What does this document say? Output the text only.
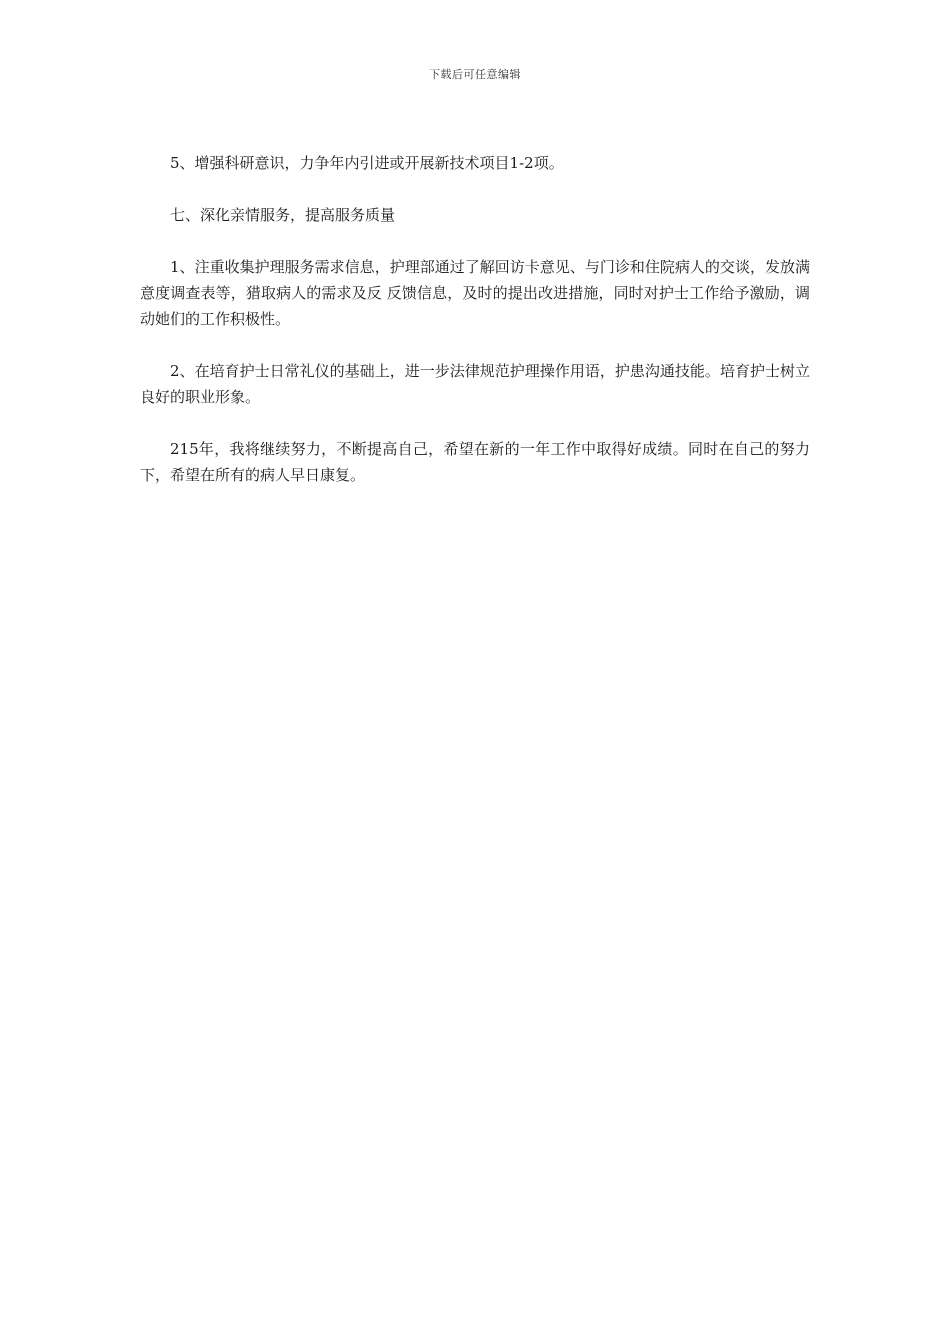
下载后可任意编辑

5、增强科研意识，力争年内引进或开展新技术项目1-2项。

七、深化亲情服务，提高服务质量

1、注重收集护理服务需求信息，护理部通过了解回访卡意见、与门诊和住院病人的交谈，发放满意度调查表等，猎取病人的需求及反 反馈信息，及时的提出改进措施，同时对护士工作给予激励，调动她们的工作积极性。

2、在培育护士日常礼仪的基础上，进一步法律规范护理操作用语，护患沟通技能。培育护士树立良好的职业形象。

215年，我将继续努力，不断提高自己，希望在新的一年工作中取得好成绩。同时在自己的努力下，希望在所有的病人早日康复。
